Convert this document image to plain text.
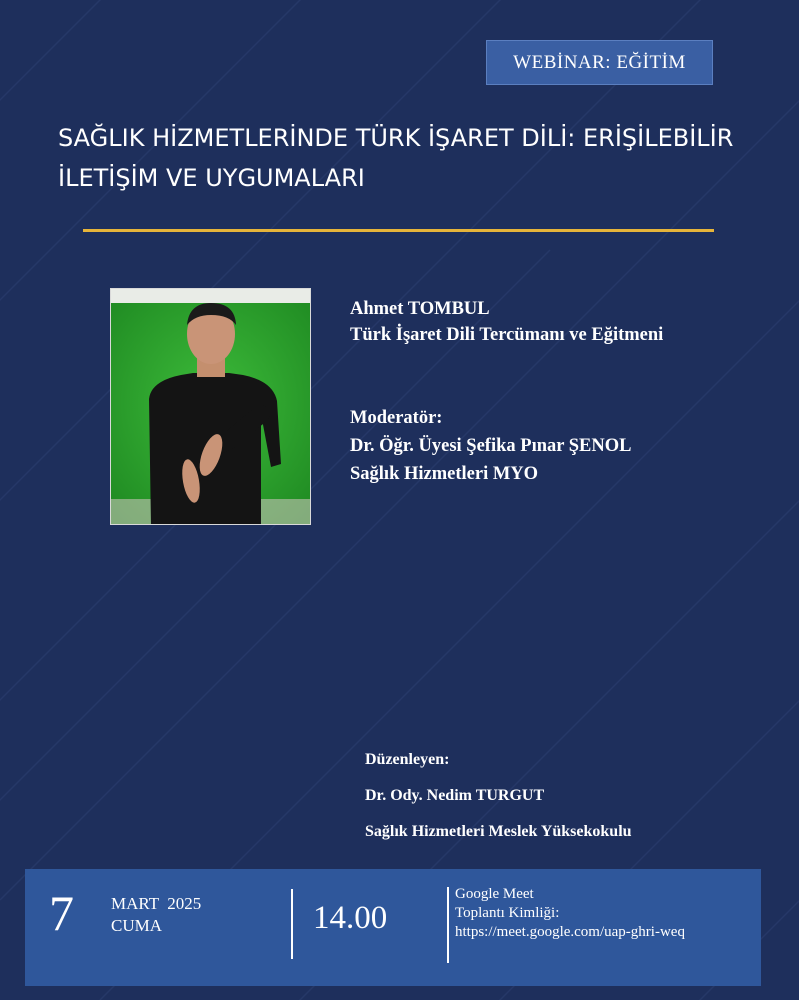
WEBİNAR: EĞİTİM
SAĞLIK HİZMETLERİNDE TÜRK İŞARET DİLİ: ERİŞİLEBİLİR
İLETİŞİM VE UYGUMALARI

Ahmet TOMBUL

Türk İşaret Dili Tercümanı ve Eğitmeni

Moderatör:

Dr. Öğr. Üyesi Şefika Pınar ŞENOL

Sağlık Hizmetleri MYO

Düzenleyen:

Dr. Ody. Nedim TURGUT

Sağlık Hizmetleri Meslek Yüksekokulu

7 MART  2025
CUMA	14.00

Google Meet

Toplantı Kimliği:

https://meet.google.com/uap-ghri-weq
